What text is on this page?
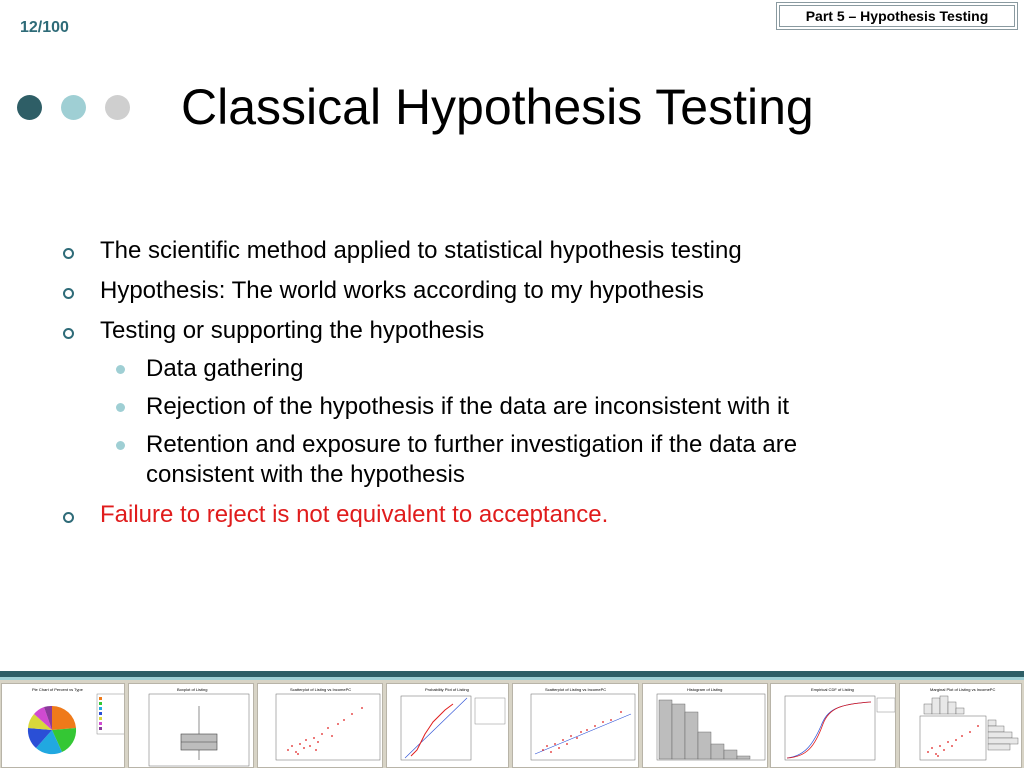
12/100
Part 5 – Hypothesis Testing
Classical Hypothesis Testing
The scientific method applied to statistical hypothesis testing
Hypothesis: The world works according to my hypothesis
Testing or supporting the hypothesis
Data gathering
Rejection of the hypothesis if the data are inconsistent with it
Retention and exposure to further investigation if the data are
consistent with the hypothesis
Failure to reject is not equivalent to acceptance.
Pie Chart of Percent vs Type	Boxplot of Listing	Scatterplot of Listing vs IncomePC	Probability Plot of Listing	Scatterplot of Listing vs IncomePC	Histogram of Listing	Empirical CDF of Listing	Marginal Plot of Listing vs IncomePC
